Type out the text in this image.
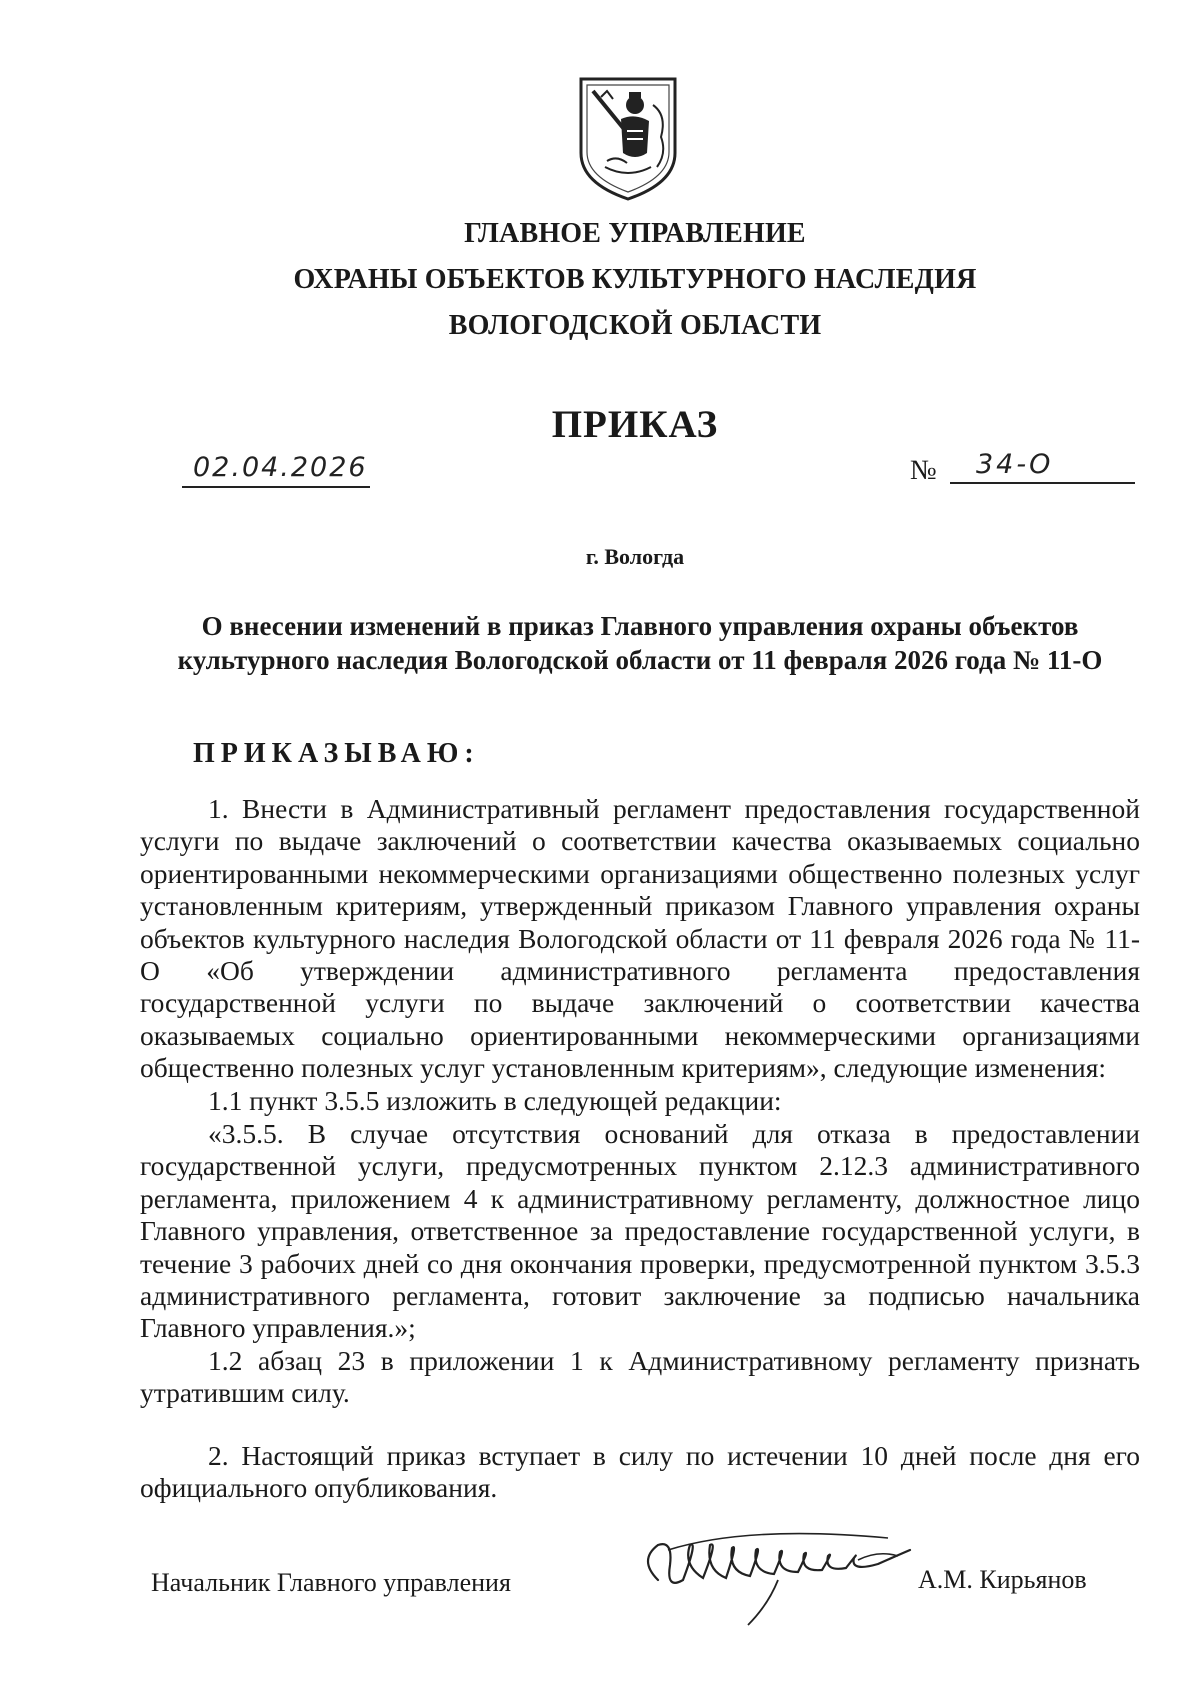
ГЛАВНОЕ УПРАВЛЕНИЕ
ОХРАНЫ ОБЪЕКТОВ КУЛЬТУРНОГО НАСЛЕДИЯ
ВОЛОГОДСКОЙ ОБЛАСТИ
ПРИКАЗ
02.04.2026	№ 34-О
г. Вологда
О внесении изменений в приказ Главного управления охраны объектов культурного наследия Вологодской области от 11 февраля 2026 года № 11-О
ПРИКАЗЫВАЮ:

1. Внести в Административный регламент предоставления государственной услуги по выдаче заключений о соответствии качества оказываемых социально ориентированными некоммерческими организациями общественно полезных услуг установленным критериям, утвержденный приказом Главного управления охраны объектов культурного наследия Вологодской области от 11 февраля 2026 года № 11-О «Об утверждении административного регламента предоставления государственной услуги по выдаче заключений о соответствии качества оказываемых социально ориентированными некоммерческими организациями общественно полезных услуг установленным критериям», следующие изменения:

1.1 пункт 3.5.5 изложить в следующей редакции:

«3.5.5. В случае отсутствия оснований для отказа в предоставлении государственной услуги, предусмотренных пунктом 2.12.3 административного регламента, приложением 4 к административному регламенту, должностное лицо Главного управления, ответственное за предоставление государственной услуги, в течение 3 рабочих дней со дня окончания проверки, предусмотренной пунктом 3.5.3 административного регламента, готовит заключение за подписью начальника Главного управления.»;

1.2 абзац 23 в приложении 1 к Административному регламенту признать утратившим силу.

2. Настоящий приказ вступает в силу по истечении 10 дней после дня его официального опубликования.

Начальник Главного управления	А.М. Кирьянов
